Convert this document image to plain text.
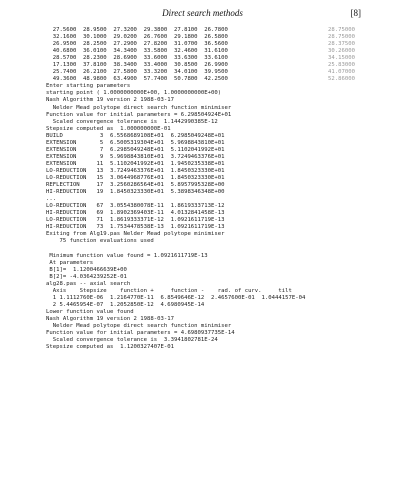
Direct search methods	[8]
27.5600  28.9500  27.3200  29.3800  27.8100  26.7800
32.1600  30.1000  29.0200  26.7600  29.1800  26.5800
26.9500  28.2500  27.2900  27.8200  31.0700  36.5600
40.6800  36.0100  34.3400  33.5800  32.4600  31.6100
28.5700  28.2300  28.6900  33.6000  33.6300  33.6100
17.1300  37.8100  38.3400  33.4000  30.8500  26.9900
25.7400  26.2100  27.5800  33.3200  34.0100  39.9500
49.3600  48.9800  63.4900  57.7400  50.7800  42.2500
Enter starting parameters
starting point ( 1.0000000000E+00, 1.0000000000E+00)
Nash Algorithm 19 version 2 1988-03-17
Nelder Mead polytope direct search function minimiser
Function value for initial parameters = 6.298504924E+01
Scaled convergence tolerance is  1.1442990385E-12
Stepsize computed as  1.000000000E-01
BUILD           3  6.5568689108E+01  6.2985049248E+01
EXTENSION       5  6.5005319304E+01  5.9698843810E+01
EXTENSION       7  6.2985049248E+01  5.1102041992E+01
EXTENSION       9  5.9698843810E+01  3.7249463376E+01
EXTENSION      11  5.1102041992E+01  1.9450235338E+01
LO-REDUCTION   13  3.7249463376E+01  1.8450323330E+01
LO-REDUCTION   15  3.0644968776E+01  1.8450323330E+01
REFLECTION     17  3.2560286564E+01  5.8957995328E+00
HI-REDUCTION   19  1.8450323330E+01  5.3898346348E+00
...
LO-REDUCTION   67  3.0554380078E-11  1.8619333713E-12
HI-REDUCTION   69  1.8902369403E-11  4.0132841458E-13
LO-REDUCTION   71  1.8619333371E-12  1.0921611719E-13
HI-REDUCTION   73  1.7534478538E-13  1.0921611719E-13
Exiting from Alg19.pas Nelder Mead polytope minimiser
75 function evaluations used
Minimum function value found = 1.0921611719E-13
At parameters
B[1]=  1.1200466639E+00
B[2]= -4.0364239252E-01
alg28.pas -- axial search
Axis    Stepsize    function +     function -    rad. of curv.     tilt
1 1.1112760E-06  1.2164770E-11  6.8549646E-12  2.4657600E-01  1.0444157E-04
2 5.4465954E-07  1.2052850E-12  4.6980945E-14
Lower function value found
Nash Algorithm 19 version 2 1988-03-17
Nelder Mead polytope direct search function minimiser
Function value for initial parameters = 4.6980937735E-14
Scaled convergence tolerance is  3.3941802781E-24
Stepsize computed as  1.1200327407E-01
28.75000
28.75000
28.37500
30.26000
34.15000
25.83000
41.07000
52.86000
